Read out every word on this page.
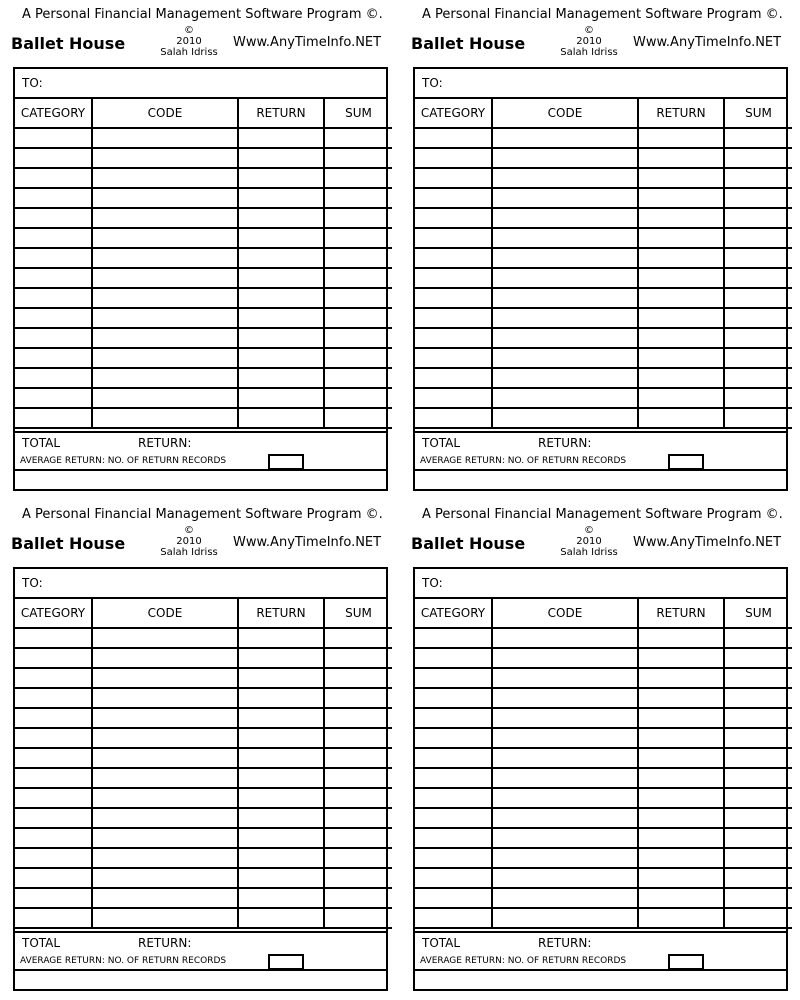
A Personal Financial Management Software Program ©.
Ballet House
©
2010
Salah Idriss
Www.AnyTimeInfo.NET
TO:
CATEGORY	CODE	RETURN	SUM

TOTAL	RETURN:
AVERAGE RETURN: NO. OF RETURN RECORDS
A Personal Financial Management Software Program ©.
Ballet House
©
2010
Salah Idriss
Www.AnyTimeInfo.NET
TO:
CATEGORY	CODE	RETURN	SUM

TOTAL	RETURN:
AVERAGE RETURN: NO. OF RETURN RECORDS
A Personal Financial Management Software Program ©.
Ballet House
©
2010
Salah Idriss
Www.AnyTimeInfo.NET
TO:
CATEGORY	CODE	RETURN	SUM

TOTAL	RETURN:
AVERAGE RETURN: NO. OF RETURN RECORDS
A Personal Financial Management Software Program ©.
Ballet House
©
2010
Salah Idriss
Www.AnyTimeInfo.NET
TO:
CATEGORY	CODE	RETURN	SUM

TOTAL	RETURN:
AVERAGE RETURN: NO. OF RETURN RECORDS
